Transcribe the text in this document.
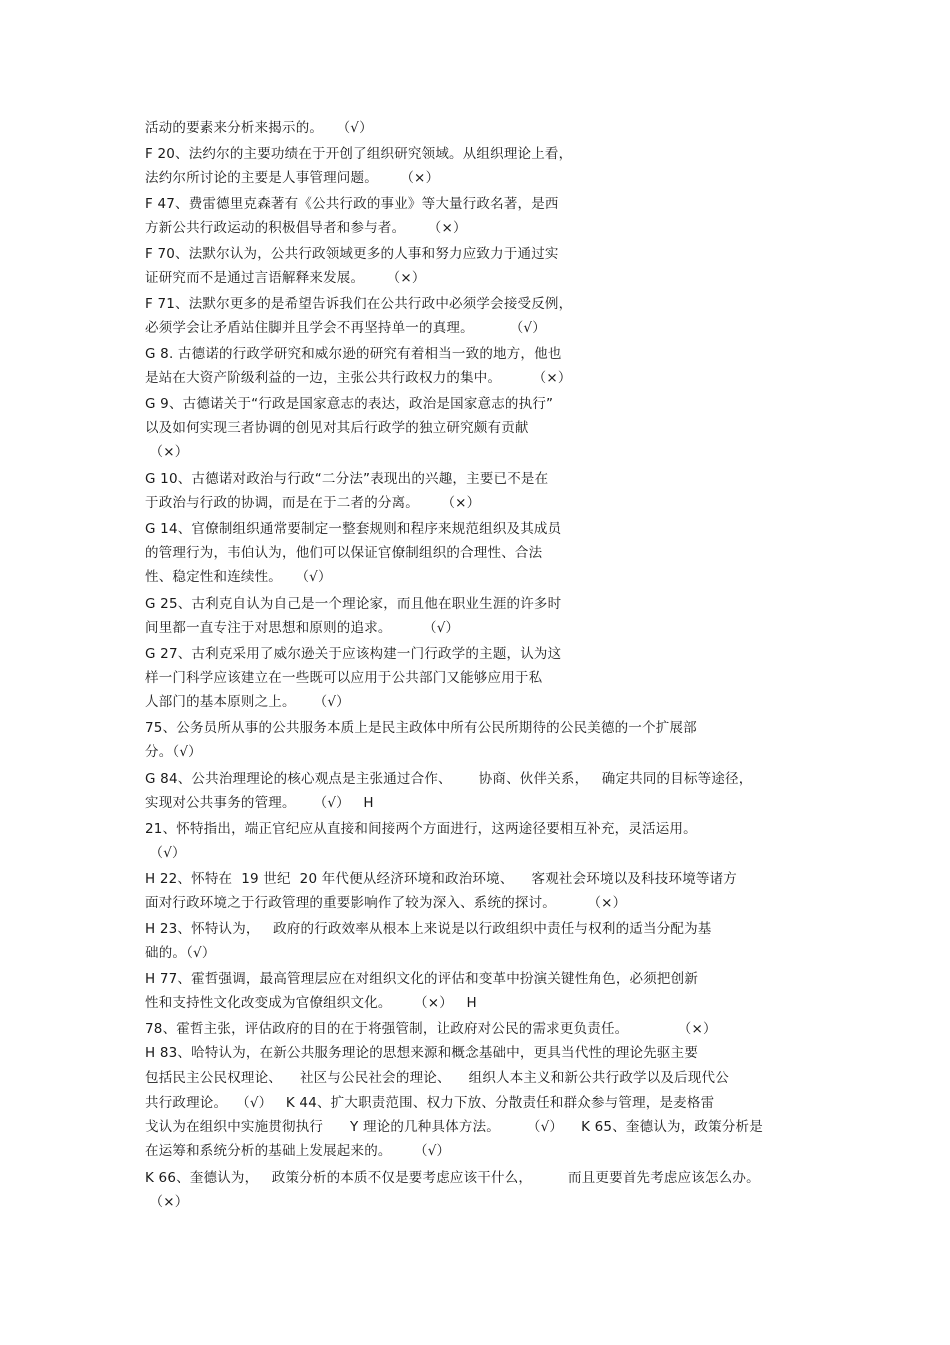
活动的要素来分析来揭示的。   （√）
F 20、法约尔的主要功绩在于开创了组织研究领域。从组织理论上看，
法约尔所讨论的主要是人事管理问题。     （×）
F 47、费雷德里克森著有《公共行政的事业》等大量行政名著，是西
方新公共行政运动的积极倡导者和参与者。     （×）
F 70、法默尔认为，公共行政领域更多的人事和努力应致力于通过实
证研究而不是通过言语解释来发展。     （×）
F 71、法默尔更多的是希望告诉我们在公共行政中必须学会接受反例，
必须学会让矛盾站住脚并且学会不再坚持单一的真理。        （√）
G 8. 古德诺的行政学研究和威尔逊的研究有着相当一致的地方，他也
是站在大资产阶级利益的一边，主张公共行政权力的集中。       （×）
G 9、古德诺关于“行政是国家意志的表达，政治是国家意志的执行”
以及如何实现三者协调的创见对其后行政学的独立研究颇有贡献
（×）
G 10、古德诺对政治与行政“二分法”表现出的兴趣，主要已不是在
于政治与行政的协调，而是在于二者的分离。     （×）
G 14、官僚制组织通常要制定一整套规则和程序来规范组织及其成员
的管理行为，韦伯认为，他们可以保证官僚制组织的合理性、合法
性、稳定性和连续性。   （√）
G 25、古利克自认为自己是一个理论家，而且他在职业生涯的许多时
间里都一直专注于对思想和原则的追求。       （√）
G 27、古利克采用了威尔逊关于应该构建一门行政学的主题，认为这
样一门科学应该建立在一些既可以应用于公共部门又能够应用于私
人部门的基本原则之上。    （√）
75、公务员所从事的公共服务本质上是民主政体中所有公民所期待的公民美德的一个扩展部
分。（√）
G 84、公共治理理论的核心观点是主张通过合作、      协商、伙伴关系，   确定共同的目标等途径，
实现对公共事务的管理。    （√）   H
21、怀特指出，端正官纪应从直接和间接两个方面进行，这两途径要相互补充，灵活运用。
（√）
H 22、怀特在  19 世纪  20 年代便从经济环境和政治环境、    客观社会环境以及科技环境等诸方
面对行政环境之于行政管理的重要影响作了较为深入、系统的探讨。       （×）
H 23、怀特认为，   政府的行政效率从根本上来说是以行政组织中责任与权利的适当分配为基
础的。（√）
H 77、霍哲强调，最高管理层应在对组织文化的评估和变革中扮演关键性角色，必须把创新
性和支持性文化改变成为官僚组织文化。     （×）   H
78、霍哲主张，评估政府的目的在于将强管制，让政府对公民的需求更负责任。           （×）
H 83、哈特认为，在新公共服务理论的思想来源和概念基础中，更具当代性的理论先驱主要
包括民主公民权理论、    社区与公民社会的理论、    组织人本主义和新公共行政学以及后现代公
共行政理论。  （√）   K 44、扩大职责范围、权力下放、分散责任和群众参与管理，是麦格雷
戈认为在组织中实施贯彻执行      Y 理论的几种具体方法。      （√）    K 65、奎德认为，政策分析是
在运筹和系统分析的基础上发展起来的。     （√）
K 66、奎德认为，   政策分析的本质不仅是要考虑应该干什么，        而且更要首先考虑应该怎么办。
（×）
